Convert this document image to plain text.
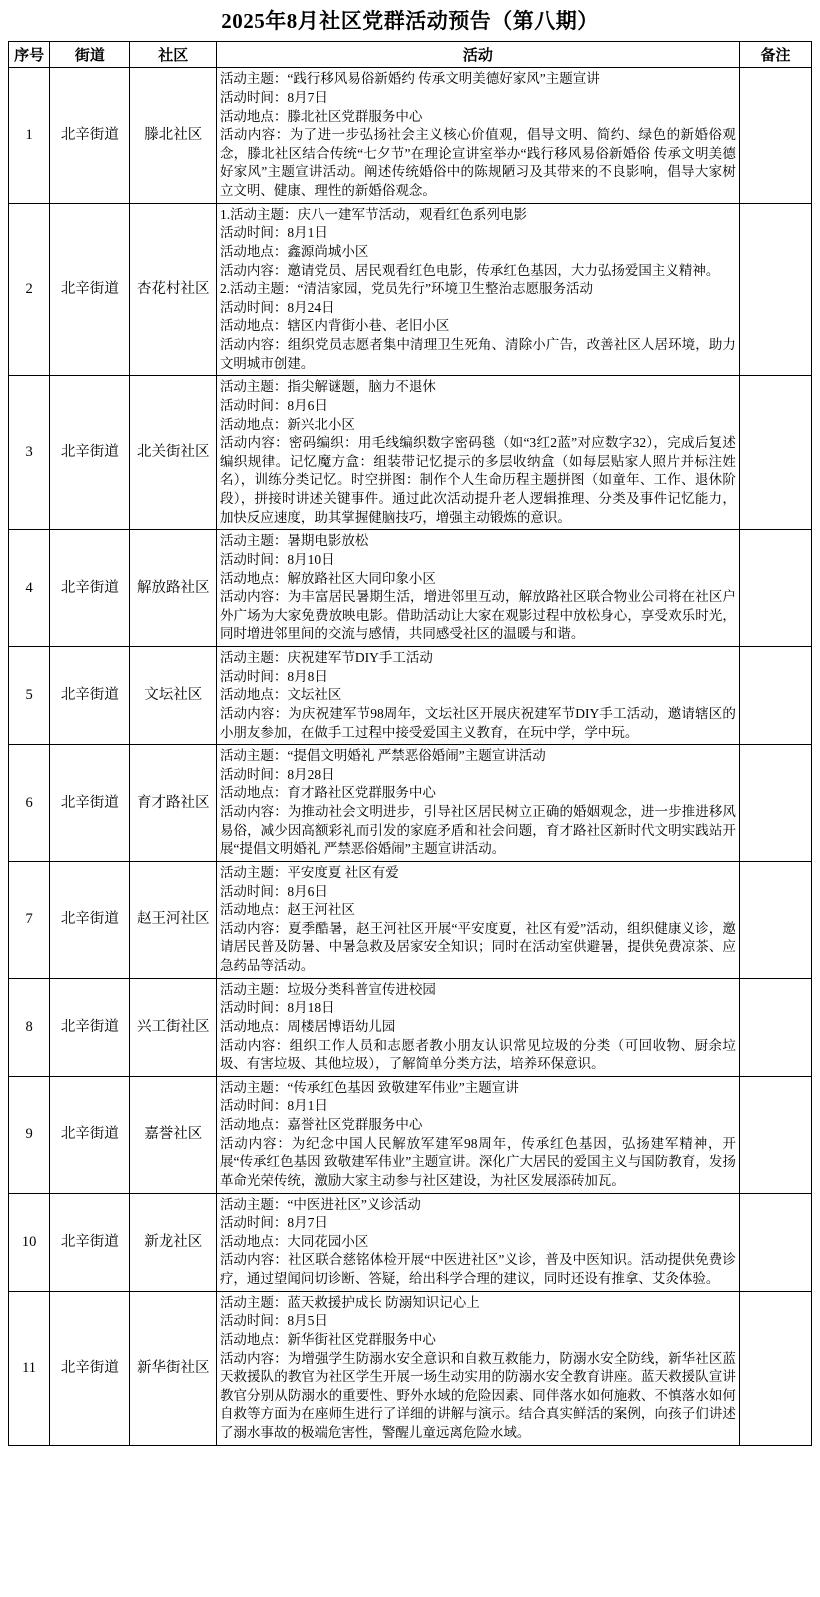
2025年8月社区党群活动预告（第八期）
序号	街道	社区	活动	备注
1	北辛街道	滕北社区	活动主题：“践行移风易俗新婚约 传承文明美德好家风”主题宣讲

活动时间：8月7日

活动地点：滕北社区党群服务中心

活动内容：为了进一步弘扬社会主义核心价值观，倡导文明、简约、绿色的新婚俗观念，滕北社区结合传统“七夕节”在理论宣讲室举办“践行移风易俗新婚俗 传承文明美德好家风”主题宣讲活动。阐述传统婚俗中的陈规陋习及其带来的不良影响，倡导大家树立文明、健康、理性的新婚俗观念。	

2	北辛街道	杏花村社区	

1.活动主题：庆八一建军节活动，观看红色系列电影

活动时间：8月1日

活动地点：鑫源尚城小区

活动内容：邀请党员、居民观看红色电影，传承红色基因，大力弘扬爱国主义精神。

2.活动主题：“清洁家园，党员先行”环境卫生整治志愿服务活动

活动时间：8月24日

活动地点：辖区内背街小巷、老旧小区

活动内容：组织党员志愿者集中清理卫生死角、清除小广告，改善社区人居环境，助力文明城市创建。

3	北辛街道	北关街社区	活动主题：指尖解谜题，脑力不退休

活动时间：8月6日

活动地点：新兴北小区

活动内容：密码编织：用毛线编织数字密码毯（如“3红2蓝”对应数字32），完成后复述编织规律。记忆魔方盒：组装带记忆提示的多层收纳盒（如每层贴家人照片并标注姓名），训练分类记忆。时空拼图：制作个人生命历程主题拼图（如童年、工作、退休阶段），拼接时讲述关键事件。通过此次活动提升老人逻辑推理、分类及事件记忆能力，加快反应速度，助其掌握健脑技巧，增强主动锻炼的意识。	

4	北辛街道	解放路社区	活动主题：暑期电影放松

活动时间：8月10日

活动地点：解放路社区大同印象小区

活动内容：为丰富居民暑期生活，增进邻里互动，解放路社区联合物业公司将在社区户外广场为大家免费放映电影。借助活动让大家在观影过程中放松身心，享受欢乐时光，同时增进邻里间的交流与感情，共同感受社区的温暖与和谐。	

5	北辛街道	文坛社区	活动主题：庆祝建军节DIY手工活动

活动时间：8月8日

活动地点：文坛社区

活动内容：为庆祝建军节98周年，文坛社区开展庆祝建军节DIY手工活动，邀请辖区的小朋友参加，在做手工过程中接受爱国主义教育，在玩中学，学中玩。	

6	北辛街道	育才路社区	活动主题：“提倡文明婚礼 严禁恶俗婚闹”主题宣讲活动

活动时间：8月28日

活动地点：育才路社区党群服务中心

活动内容：为推动社会文明进步，引导社区居民树立正确的婚姻观念，进一步推进移风易俗，减少因高额彩礼而引发的家庭矛盾和社会问题，育才路社区新时代文明实践站开展“提倡文明婚礼 严禁恶俗婚闹”主题宣讲活动。	

7	北辛街道	赵王河社区	活动主题：平安度夏 社区有爱

活动时间：8月6日

活动地点：赵王河社区

活动内容：夏季酷暑，赵王河社区开展“平安度夏，社区有爱”活动，组织健康义诊，邀请居民普及防暑、中暑急救及居家安全知识；同时在活动室供避暑，提供免费凉茶、应急药品等活动。	

8	北辛街道	兴工街社区	活动主题：垃圾分类科普宣传进校园

活动时间：8月18日

活动地点：周楼居博语幼儿园

活动内容：组织工作人员和志愿者教小朋友认识常见垃圾的分类（可回收物、厨余垃圾、有害垃圾、其他垃圾），了解简单分类方法，培养环保意识。	

9	北辛街道	嘉誉社区	活动主题：“传承红色基因 致敬建军伟业”主题宣讲

活动时间：8月1日

活动地点：嘉誉社区党群服务中心

活动内容：为纪念中国人民解放军建军98周年，传承红色基因，弘扬建军精神，开展“传承红色基因 致敬建军伟业”主题宣讲。深化广大居民的爱国主义与国防教育，发扬革命光荣传统，激励大家主动参与社区建设，为社区发展添砖加瓦。	

10	北辛街道	新龙社区	活动主题：“中医进社区”义诊活动

活动时间：8月7日

活动地点：大同花园小区

活动内容：社区联合慈铭体检开展“中医进社区”义诊，普及中医知识。活动提供免费诊疗，通过望闻问切诊断、答疑，给出科学合理的建议，同时还设有推拿、艾灸体验。	

11	北辛街道	新华街社区	活动主题：蓝天救援护成长 防溺知识记心上

活动时间：8月5日

活动地点：新华街社区党群服务中心

活动内容：为增强学生防溺水安全意识和自救互救能力，防溺水安全防线，新华社区蓝天救援队的教官为社区学生开展一场生动实用的防溺水安全教育讲座。蓝天救援队宣讲教官分别从防溺水的重要性、野外水域的危险因素、同伴落水如何施救、不慎落水如何自救等方面为在座师生进行了详细的讲解与演示。结合真实鲜活的案例，向孩子们讲述了溺水事故的极端危害性，警醒儿童远离危险水域。	
